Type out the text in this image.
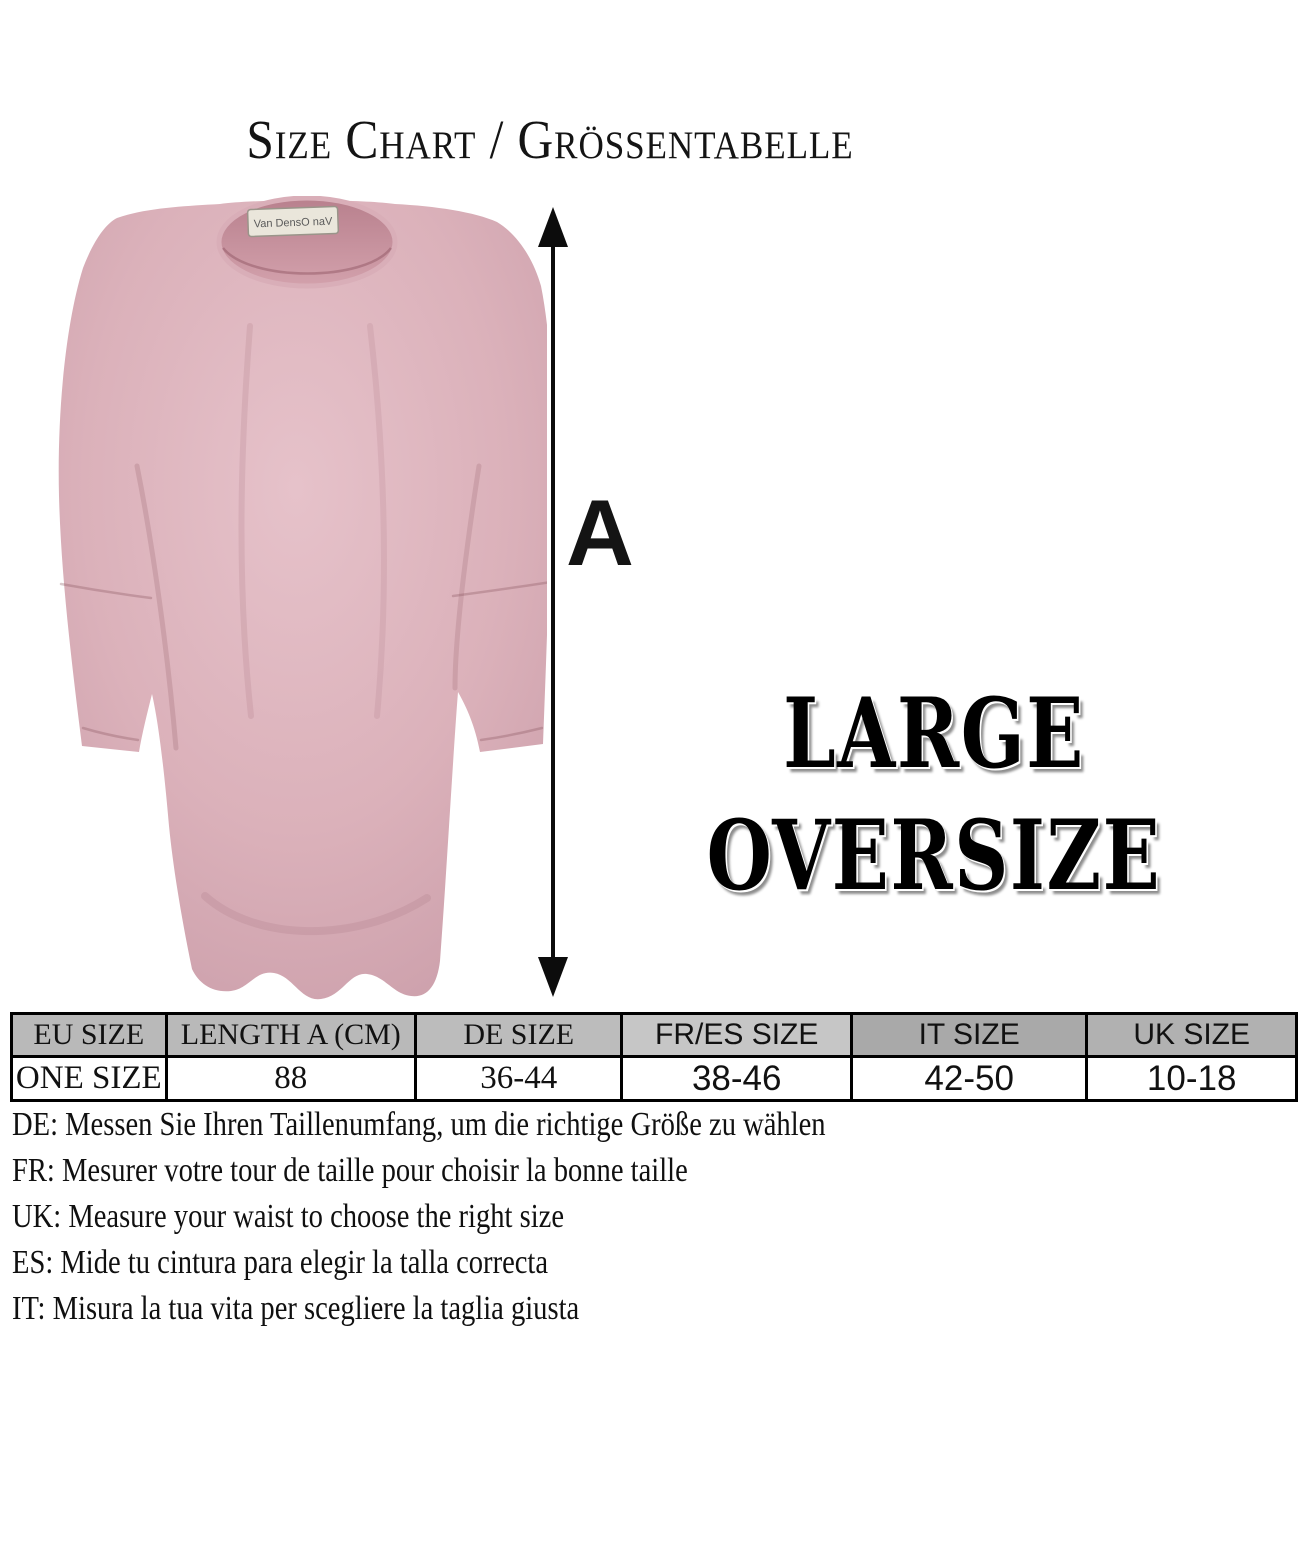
Size Chart / Grössentabelle
Van DensO naV
A
LARGE
OVERSIZE
EU SIZE	LENGTH A (CM)	DE SIZE	FR/ES SIZE	IT SIZE	UK SIZE
ONE SIZE	88	36-44	38-46	42-50	10-18
DE: Messen Sie Ihren Taillenumfang, um die richtige Größe zu wählen
FR: Mesurer votre tour de taille pour choisir la bonne taille
UK: Measure your waist to choose the right size
ES: Mide tu cintura para elegir la talla correcta
IT: Misura la tua vita per scegliere la taglia giusta
